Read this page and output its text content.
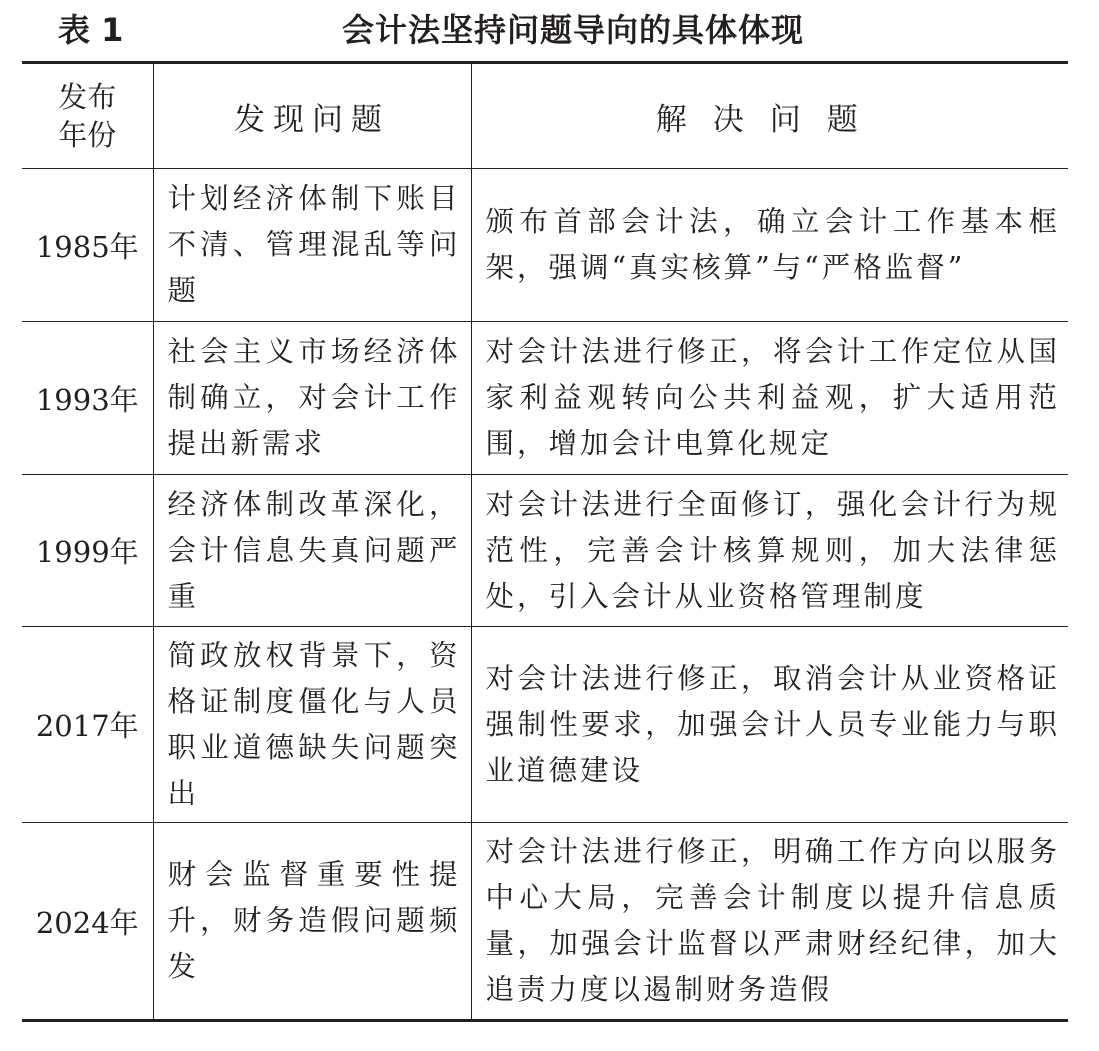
表 1	会计法坚持问题导向的具体体现
发布
年份	发现问题	解决问题
1985年	计划经济体制下账目不清、管理混乱等问题	颁布首部会计法，确立会计工作基本框架，强调“真实核算”与“严格监督”
1993年	社会主义市场经济体制确立，对会计工作提出新需求	对会计法进行修正，将会计工作定位从国家利益观转向公共利益观，扩大适用范围，增加会计电算化规定
1999年	经济体制改革深化，会计信息失真问题严重	对会计法进行全面修订，强化会计行为规范性，完善会计核算规则，加大法律惩处，引入会计从业资格管理制度
2017年	简政放权背景下，资格证制度僵化与人员职业道德缺失问题突出	对会计法进行修正，取消会计从业资格证强制性要求，加强会计人员专业能力与职业道德建设
2024年	财会监督重要性提升，财务造假问题频发	对会计法进行修正，明确工作方向以服务中心大局，完善会计制度以提升信息质量，加强会计监督以严肃财经纪律，加大追责力度以遏制财务造假
